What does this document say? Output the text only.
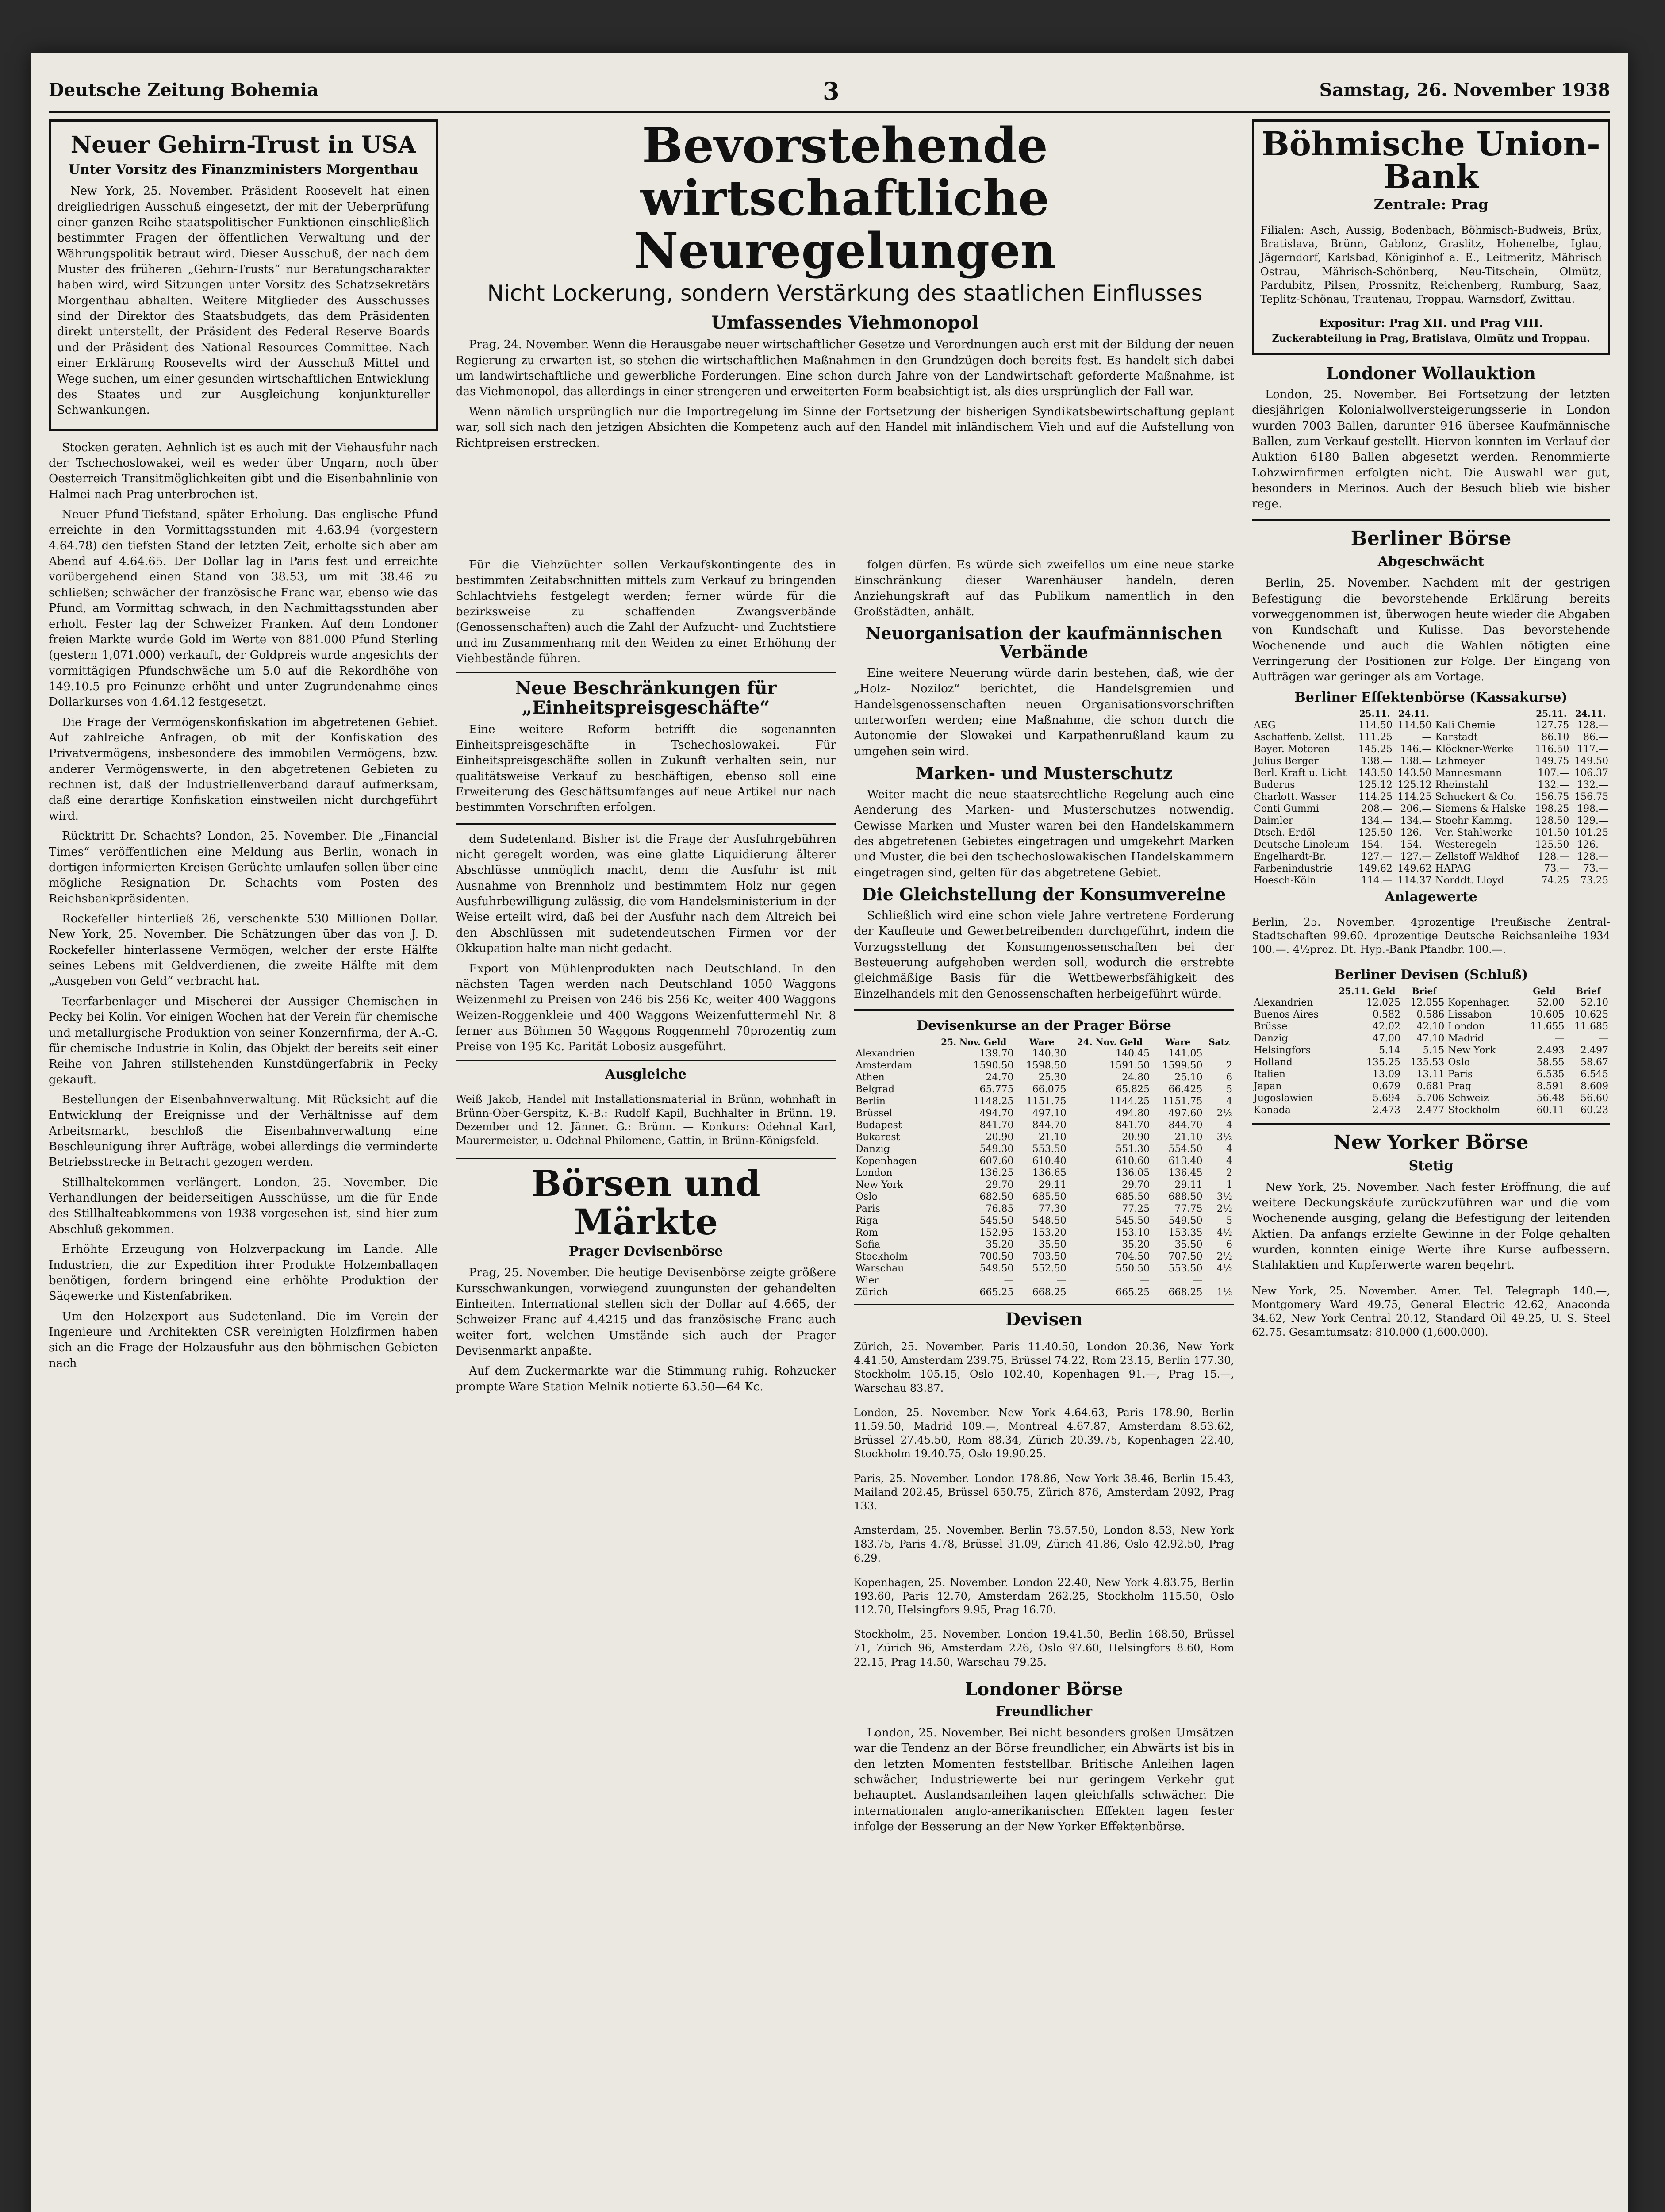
Deutsche Zeitung Bohemia	3	Samstag, 26. November 1938
Neuer Gehirn-Trust in USA
Unter Vorsitz des Finanzministers Morgenthau

New York, 25. November. Präsident Roosevelt hat einen dreigliedrigen Ausschuß eingesetzt, der mit der Ueberprüfung einer ganzen Reihe staatspolitischer Funktionen einschließlich bestimmter Fragen der öffentlichen Verwaltung und der Währungspolitik betraut wird. Dieser Ausschuß, der nach dem Muster des früheren „Gehirn-Trusts“ nur Beratungscharakter haben wird, wird Sitzungen unter Vorsitz des Schatzsekretärs Morgenthau abhalten. Weitere Mitglieder des Ausschusses sind der Direktor des Staatsbudgets, das dem Präsidenten direkt unterstellt, der Präsident des Federal Reserve Boards und der Präsident des National Resources Committee. Nach einer Erklärung Roosevelts wird der Ausschuß Mittel und Wege suchen, um einer gesunden wirtschaftlichen Entwicklung des Staates und zur Ausgleichung konjunktureller Schwankungen.

Stocken geraten. Aehnlich ist es auch mit der Viehausfuhr nach der Tschechoslowakei, weil es weder über Ungarn, noch über Oesterreich Transitmöglichkeiten gibt und die Eisenbahnlinie von Halmei nach Prag unterbrochen ist.

Neuer Pfund-Tiefstand, später Erholung. Das englische Pfund erreichte in den Vormittagsstunden mit 4.63.94 (vorgestern 4.64.78) den tiefsten Stand der letzten Zeit, erholte sich aber am Abend auf 4.64.65. Der Dollar lag in Paris fest und erreichte vorübergehend einen Stand von 38.53, um mit 38.46 zu schließen; schwächer der französische Franc war, ebenso wie das Pfund, am Vormittag schwach, in den Nachmittagsstunden aber erholt. Fester lag der Schweizer Franken. Auf dem Londoner freien Markte wurde Gold im Werte von 881.000 Pfund Sterling (gestern 1,071.000) verkauft, der Goldpreis wurde angesichts der vormittägigen Pfundschwäche um 5.0 auf die Rekordhöhe von 149.10.5 pro Feinunze erhöht und unter Zugrundenahme eines Dollarkurses von 4.64.12 festgesetzt.

Die Frage der Vermögenskonfiskation im abgetretenen Gebiet. Auf zahlreiche Anfragen, ob mit der Konfiskation des Privatvermögens, insbesondere des immobilen Vermögens, bzw. anderer Vermögenswerte, in den abgetretenen Gebieten zu rechnen ist, daß der Industriellenverband darauf aufmerksam, daß eine derartige Konfiskation einstweilen nicht durchgeführt wird.

Rücktritt Dr. Schachts? London, 25. November. Die „Financial Times“ veröffentlichen eine Meldung aus Berlin, wonach in dortigen informierten Kreisen Gerüchte umlaufen sollen über eine mögliche Resignation Dr. Schachts vom Posten des Reichsbankpräsidenten.

Rockefeller hinterließ 26, verschenkte 530 Millionen Dollar. New York, 25. November. Die Schätzungen über das von J. D. Rockefeller hinterlassene Vermögen, welcher der erste Hälfte seines Lebens mit Geldverdienen, die zweite Hälfte mit dem „Ausgeben von Geld“ verbracht hat.

Teerfarbenlager und Mischerei der Aussiger Chemischen in Pecky bei Kolin. Vor einigen Wochen hat der Verein für chemische und metallurgische Produktion von seiner Konzernfirma, der A.-G. für chemische Industrie in Kolin, das Objekt der bereits seit einer Reihe von Jahren stillstehenden Kunstdüngerfabrik in Pecky gekauft.

Bestellungen der Eisenbahnverwaltung. Mit Rücksicht auf die Entwicklung der Ereignisse und der Verhältnisse auf dem Arbeitsmarkt, beschloß die Eisenbahnverwaltung eine Beschleunigung ihrer Aufträge, wobei allerdings die verminderte Betriebsstrecke in Betracht gezogen werden.

Stillhaltekommen verlängert. London, 25. November. Die Verhandlungen der beiderseitigen Ausschüsse, um die für Ende des Stillhalteabkommens von 1938 vorgesehen ist, sind hier zum Abschluß gekommen.

Erhöhte Erzeugung von Holzverpackung im Lande. Alle Industrien, die zur Expedition ihrer Produkte Holzemballagen benötigen, fordern bringend eine erhöhte Produktion der Sägewerke und Kistenfabriken.

Um den Holzexport aus Sudetenland. Die im Verein der Ingenieure und Architekten CSR vereinigten Holzfirmen haben sich an die Frage der Holzausfuhr aus den böhmischen Gebieten nach

Bevorstehende wirtschaftliche
Neuregelungen
Nicht Lockerung, sondern Verstärkung des staatlichen Einflusses
Umfassendes Viehmonopol

Prag, 24. November. Wenn die Herausgabe neuer wirtschaftlicher Gesetze und Verordnungen auch erst mit der Bildung der neuen Regierung zu erwarten ist, so stehen die wirtschaftlichen Maßnahmen in den Grundzügen doch bereits fest. Es handelt sich dabei um landwirtschaftliche und gewerbliche Forderungen. Eine schon durch Jahre von der Landwirtschaft geforderte Maßnahme, ist das Viehmonopol, das allerdings in einer strengeren und erweiterten Form beabsichtigt ist, als dies ursprünglich der Fall war.

Wenn nämlich ursprünglich nur die Importregelung im Sinne der Fortsetzung der bisherigen Syndikatsbewirtschaftung geplant war, soll sich nach den jetzigen Absichten die Kompetenz auch auf den Handel mit inländischem Vieh und auf die Aufstellung von Richtpreisen erstrecken.

Für die Viehzüchter sollen Verkaufskontingente des in bestimmten Zeitabschnitten mittels zum Verkauf zu bringenden Schlachtviehs festgelegt werden; ferner würde für die bezirksweise zu schaffenden Zwangsverbände (Genossenschaften) auch die Zahl der Aufzucht- und Zuchtstiere und im Zusammenhang mit den Weiden zu einer Erhöhung der Viehbestände führen.

Neue Beschränkungen für „Einheitspreisgeschäfte“

Eine weitere Reform betrifft die sogenannten Einheitspreisgeschäfte in Tschechoslowakei. Für Einheitspreisgeschäfte sollen in Zukunft verhalten sein, nur qualitätsweise Verkauf zu beschäftigen, ebenso soll eine Erweiterung des Geschäftsumfanges auf neue Artikel nur nach bestimmten Vorschriften erfolgen.

dem Sudetenland. Bisher ist die Frage der Ausfuhrgebühren nicht geregelt worden, was eine glatte Liquidierung älterer Abschlüsse unmöglich macht, denn die Ausfuhr ist mit Ausnahme von Brennholz und bestimmtem Holz nur gegen Ausfuhrbewilligung zulässig, die vom Handelsministerium in der Weise erteilt wird, daß bei der Ausfuhr nach dem Altreich bei den Abschlüssen mit sudetendeutschen Firmen vor der Okkupation halte man nicht gedacht.

Export von Mühlenprodukten nach Deutschland. In den nächsten Tagen werden nach Deutschland 1050 Waggons Weizenmehl zu Preisen von 246 bis 256 Kc, weiter 400 Waggons Weizen-Roggenkleie und 400 Waggons Weizenfuttermehl Nr. 8 ferner aus Böhmen 50 Waggons Roggenmehl 70prozentig zum Preise von 195 Kc. Parität Lobosiz ausgeführt.

Ausgleiche

Weiß Jakob, Handel mit Installationsmaterial in Brünn, wohnhaft in Brünn-Ober-Gerspitz, K.-B.: Rudolf Kapil, Buchhalter in Brünn. 19. Dezember und 12. Jänner. G.: Brünn. — Konkurs: Odehnal Karl, Maurermeister, u. Odehnal Philomene, Gattin, in Brünn-Königsfeld.

Börsen und Märkte
Prager Devisenbörse

Prag, 25. November. Die heutige Devisenbörse zeigte größere Kursschwankungen, vorwiegend zuungunsten der gehandelten Einheiten. International stellen sich der Dollar auf 4.665, der Schweizer Franc auf 4.4215 und das französische Franc auch weiter fort, welchen Umstände sich auch der Prager Devisenmarkt anpaßte.

Auf dem Zuckermarkte war die Stimmung ruhig. Rohzucker prompte Ware Station Melnik notierte 63.50—64 Kc.

folgen dürfen. Es würde sich zweifellos um eine neue starke Einschränkung dieser Warenhäuser handeln, deren Anziehungskraft auf das Publikum namentlich in den Großstädten, anhält.

Neuorganisation der kaufmännischen Verbände

Eine weitere Neuerung würde darin bestehen, daß, wie der „Holz- Noziloz“ berichtet, die Handelsgremien und Handelsgenossenschaften neuen Organisationsvorschriften unterworfen werden; eine Maßnahme, die schon durch die Autonomie der Slowakei und Karpathenrußland kaum zu umgehen sein wird.

Marken- und Musterschutz

Weiter macht die neue staatsrechtliche Regelung auch eine Aenderung des Marken- und Musterschutzes notwendig. Gewisse Marken und Muster waren bei den Handelskammern des abgetretenen Gebietes eingetragen und umgekehrt Marken und Muster, die bei den tschechoslowakischen Handelskammern eingetragen sind, gelten für das abgetretene Gebiet.

Die Gleichstellung der Konsumvereine

Schließlich wird eine schon viele Jahre vertretene Forderung der Kaufleute und Gewerbetreibenden durchgeführt, indem die Vorzugsstellung der Konsumgenossenschaften bei der Besteuerung aufgehoben werden soll, wodurch die erstrebte gleichmäßige Basis für die Wettbewerbsfähigkeit des Einzelhandels mit den Genossenschaften herbeigeführt würde.

Devisenkurse an der Prager Börse
	25. Nov. Geld	Ware	24. Nov. Geld	Ware	Satz
Alexandrien	139.70	140.30	140.45	141.05	
Amsterdam	1590.50	1598.50	1591.50	1599.50	2
Athen	24.70	25.30	24.80	25.10	6
Belgrad	65.775	66.075	65.825	66.425	5
Berlin	1148.25	1151.75	1144.25	1151.75	4
Brüssel	494.70	497.10	494.80	497.60	2½
Budapest	841.70	844.70	841.70	844.70	4
Bukarest	20.90	21.10	20.90	21.10	3½
Danzig	549.30	553.50	551.30	554.50	4
Kopenhagen	607.60	610.40	610.60	613.40	4
London	136.25	136.65	136.05	136.45	2
New York	29.70	29.11	29.70	29.11	1
Oslo	682.50	685.50	685.50	688.50	3½
Paris	76.85	77.30	77.25	77.75	2½
Riga	545.50	548.50	545.50	549.50	5
Rom	152.95	153.20	153.10	153.35	4½
Sofia	35.20	35.50	35.20	35.50	6
Stockholm	700.50	703.50	704.50	707.50	2½
Warschau	549.50	552.50	550.50	553.50	4½
Wien	—	—	—	—	
Zürich	665.25	668.25	665.25	668.25	1½
Devisen

Zürich, 25. November. Paris 11.40.50, London 20.36, New York 4.41.50, Amsterdam 239.75, Brüssel 74.22, Rom 23.15, Berlin 177.30, Stockholm 105.15, Oslo 102.40, Kopenhagen 91.—, Prag 15.—, Warschau 83.87.

London, 25. November. New York 4.64.63, Paris 178.90, Berlin 11.59.50, Madrid 109.—, Montreal 4.67.87, Amsterdam 8.53.62, Brüssel 27.45.50, Rom 88.34, Zürich 20.39.75, Kopenhagen 22.40, Stockholm 19.40.75, Oslo 19.90.25.

Paris, 25. November. London 178.86, New York 38.46, Berlin 15.43, Mailand 202.45, Brüssel 650.75, Zürich 876, Amsterdam 2092, Prag 133.

Amsterdam, 25. November. Berlin 73.57.50, London 8.53, New York 183.75, Paris 4.78, Brüssel 31.09, Zürich 41.86, Oslo 42.92.50, Prag 6.29.

Kopenhagen, 25. November. London 22.40, New York 4.83.75, Berlin 193.60, Paris 12.70, Amsterdam 262.25, Stockholm 115.50, Oslo 112.70, Helsingfors 9.95, Prag 16.70.

Stockholm, 25. November. London 19.41.50, Berlin 168.50, Brüssel 71, Zürich 96, Amsterdam 226, Oslo 97.60, Helsingfors 8.60, Rom 22.15, Prag 14.50, Warschau 79.25.

Londoner Börse
Freundlicher

London, 25. November. Bei nicht besonders großen Umsätzen war die Tendenz an der Börse freundlicher, ein Abwärts ist bis in den letzten Momenten feststellbar. Britische Anleihen lagen schwächer, Industriewerte bei nur geringem Verkehr gut behauptet. Auslandsanleihen lagen gleichfalls schwächer. Die internationalen anglo-amerikanischen Effekten lagen fester infolge der Besserung an der New Yorker Effektenbörse.

Böhmische Union-Bank
Zentrale: Prag

Filialen: Asch, Aussig, Bodenbach, Böhmisch-Budweis, Brüx, Bratislava, Brünn, Gablonz, Graslitz, Hohenelbe, Iglau, Jägerndorf, Karlsbad, Königinhof a. E., Leitmeritz, Mährisch Ostrau, Mährisch-Schönberg, Neu-Titschein, Olmütz, Pardubitz, Pilsen, Prossnitz, Reichenberg, Rumburg, Saaz, Teplitz-Schönau, Trautenau, Troppau, Warnsdorf, Zwittau.

Expositur: Prag XII. und Prag VIII.
Zuckerabteilung in Prag, Bratislava, Olmütz und Troppau.
Londoner Wollauktion

London, 25. November. Bei Fortsetzung der letzten diesjährigen Kolonialwollversteigerungsserie in London wurden 7003 Ballen, darunter 916 übersee Kaufmännische Ballen, zum Verkauf gestellt. Hiervon konnten im Verlauf der Auktion 6180 Ballen abgesetzt werden. Renommierte Lohzwirnfirmen erfolgten nicht. Die Auswahl war gut, besonders in Merinos. Auch der Besuch blieb wie bisher rege.

Berliner Börse
Abgeschwächt

Berlin, 25. November. Nachdem mit der gestrigen Befestigung die bevorstehende Erklärung bereits vorweggenommen ist, überwogen heute wieder die Abgaben von Kundschaft und Kulisse. Das bevorstehende Wochenende und auch die Wahlen nötigten eine Verringerung der Positionen zur Folge. Der Eingang von Aufträgen war geringer als am Vortage.

Berliner Effektenbörse (Kassakurse)
	25.11.	24.11.		25.11.	24.11.
AEG	114.50	114.50	Kali Chemie	127.75	128.—
Aschaffenb. Zellst.	111.25	—	Karstadt	86.10	86.—
Bayer. Motoren	145.25	146.—	Klöckner-Werke	116.50	117.—
Julius Berger	138.—	138.—	Lahmeyer	149.75	149.50
Berl. Kraft u. Licht	143.50	143.50	Mannesmann	107.—	106.37
Buderus	125.12	125.12	Rheinstahl	132.—	132.—
Charlott. Wasser	114.25	114.25	Schuckert & Co.	156.75	156.75
Conti Gummi	208.—	206.—	Siemens & Halske	198.25	198.—
Daimler	134.—	134.—	Stoehr Kammg.	128.50	129.—
Dtsch. Erdöl	125.50	126.—	Ver. Stahlwerke	101.50	101.25
Deutsche Linoleum	154.—	154.—	Westeregeln	125.50	126.—
Engelhardt-Br.	127.—	127.—	Zellstoff Waldhof	128.—	128.—
Farbenindustrie	149.62	149.62	HAPAG	73.—	73.—
Hoesch-Köln	114.—	114.37	Norddt. Lloyd	74.25	73.25
Anlagewerte

Berlin, 25. November. 4prozentige Preußische Zentral-Stadtschaften 99.60. 4prozentige Deutsche Reichsanleihe 1934 100.—. 4½proz. Dt. Hyp.-Bank Pfandbr. 100.—.

Berliner Devisen (Schluß)
	25.11. Geld	Brief		Geld	Brief
Alexandrien	12.025	12.055	Kopenhagen	52.00	52.10
Buenos Aires	0.582	0.586	Lissabon	10.605	10.625
Brüssel	42.02	42.10	London	11.655	11.685
Danzig	47.00	47.10	Madrid	—	—
Helsingfors	5.14	5.15	New York	2.493	2.497
Holland	135.25	135.53	Oslo	58.55	58.67
Italien	13.09	13.11	Paris	6.535	6.545
Japan	0.679	0.681	Prag	8.591	8.609
Jugoslawien	5.694	5.706	Schweiz	56.48	56.60
Kanada	2.473	2.477	Stockholm	60.11	60.23
New Yorker Börse
Stetig

New York, 25. November. Nach fester Eröffnung, die auf weitere Deckungskäufe zurückzuführen war und die vom Wochenende ausging, gelang die Befestigung der leitenden Aktien. Da anfangs erzielte Gewinne in der Folge gehalten wurden, konnten einige Werte ihre Kurse aufbessern. Stahlaktien und Kupferwerte waren begehrt.

New York, 25. November. Amer. Tel. Telegraph 140.—, Montgomery Ward 49.75, General Electric 42.62, Anaconda 34.62, New York Central 20.12, Standard Oil 49.25, U. S. Steel 62.75. Gesamtumsatz: 810.000 (1,600.000).
